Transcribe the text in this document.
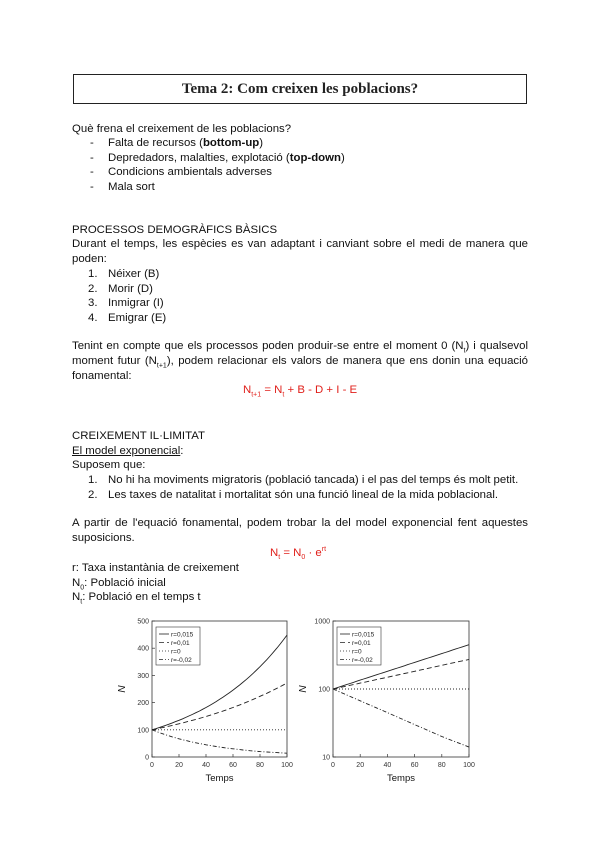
Tema 2: Com creixen les poblacions?
Què frena el creixement de les poblacions?
- Falta de recursos (bottom-up)
- Depredadors, malalties, explotació (top-down)
- Condicions ambientals adverses
- Mala sort
PROCESSOS DEMOGRÀFICS BÀSICS
Durant el temps, les espècies es van adaptant i canviant sobre el medi de manera que
poden:
1. Néixer (B)
2. Morir (D)
3. Inmigrar (I)
4. Emigrar (E)
Tenint en compte que els processos poden produir-se entre el moment 0 $(N_t)$ i qualsevol
moment futur $(N_{t+1})$, podem relacionar els valors de manera que ens donin una equació
fonamental:
$N_{t+1} = N_t + B - D + I - E$
CREIXEMENT IL·LIMITAT
El model exponencial:
Suposem que:
1. No hi ha moviments migratoris (població tancada) i el pas del temps és molt petit.
2. Les taxes de natalitat i mortalitat són una funció lineal de la mida poblacional.
A partir de l'equació fonamental, podem trobar la del model exponencial fent aquestes
suposicions.
$N_t = N_0 \cdot e^{rt}$
r: Taxa instantània de creixement
$N_0$: Població inicial
$N_t$: Població en el temps t
0	20	40	60	80 100
0
100
200
300
400
500
Temps
N
r=0,015
r=0,01
r=0
r=-0,02
0	20	40	60	80 100
10
100
1000
Temps
N
r=0,015
r=0,01
r=0
r=-0,02
